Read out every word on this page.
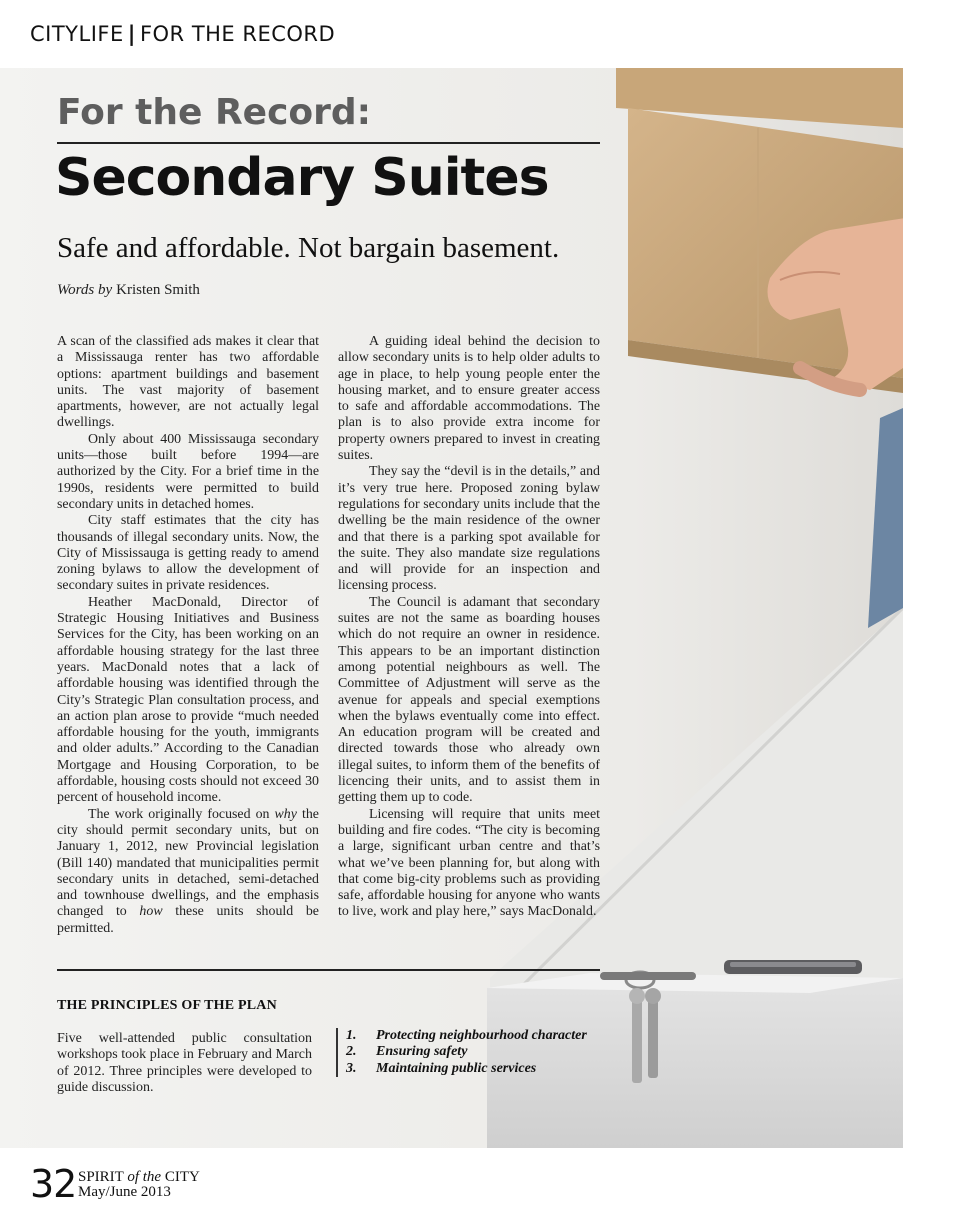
CITYLIFE | FOR THE RECORD
For the Record:
Secondary Suites
Safe and affordable. Not bargain basement.
Words by Kristen Smith

A scan of the classified ads makes it clear that a Mississauga renter has two affordable options: apartment buildings and basement units. The vast majority of basement apartments, however, are not actually legal dwellings.

Only about 400 Mississauga secondary units—those built before 1994—are authorized by the City. For a brief time in the 1990s, residents were permitted to build secondary units in detached homes.

City staff estimates that the city has thousands of illegal secondary units. Now, the City of Mississauga is getting ready to amend zoning bylaws to allow the development of secondary suites in private residences.

Heather MacDonald, Director of Strategic Housing Initiatives and Business Services for the City, has been working on an affordable housing strategy for the last three years. MacDonald notes that a lack of affordable housing was identified through the City’s Strategic Plan consultation process, and an action plan arose to provide “much needed affordable housing for the youth, immigrants and older adults.” According to the Canadian Mortgage and Housing Corporation, to be affordable, housing costs should not exceed 30 percent of household income.

The work originally focused on why the city should permit secondary units, but on January 1, 2012, new Provincial legislation (Bill 140) mandated that municipalities permit secondary units in detached, semi-detached and townhouse dwellings, and the emphasis changed to how these units should be permitted.

A guiding ideal behind the decision to allow secondary units is to help older adults to age in place, to help young people enter the housing market, and to ensure greater access to safe and affordable accommodations. The plan is to also provide extra income for property owners prepared to invest in creating suites.

They say the “devil is in the details,” and it’s very true here. Proposed zoning bylaw regulations for secondary units include that the dwelling be the main residence of the owner and that there is a parking spot available for the suite. They also mandate size regulations and will provide for an inspection and licensing process.

The Council is adamant that secondary suites are not the same as boarding houses which do not require an owner in residence. This appears to be an important distinction among potential neighbours as well. The Committee of Adjustment will serve as the avenue for appeals and special exemptions when the bylaws eventually come into effect. An education program will be created and directed towards those who already own illegal suites, to inform them of the benefits of licencing their units, and to assist them in getting them up to code.

Licensing will require that units meet building and fire codes. “The city is becoming a large, significant urban centre and that’s what we’ve been planning for, but along with that come big-city problems such as providing safe, affordable housing for anyone who wants to live, work and play here,” says MacDonald.

THE PRINCIPLES OF THE PLAN
Five well-attended public consultation workshops took place in February and March of 2012. Three principles were developed to guide discussion.
1. Protecting neighbourhood character
2. Ensuring safety
3. Maintaining public services
32 SPIRIT of the CITY
May/June 2013
